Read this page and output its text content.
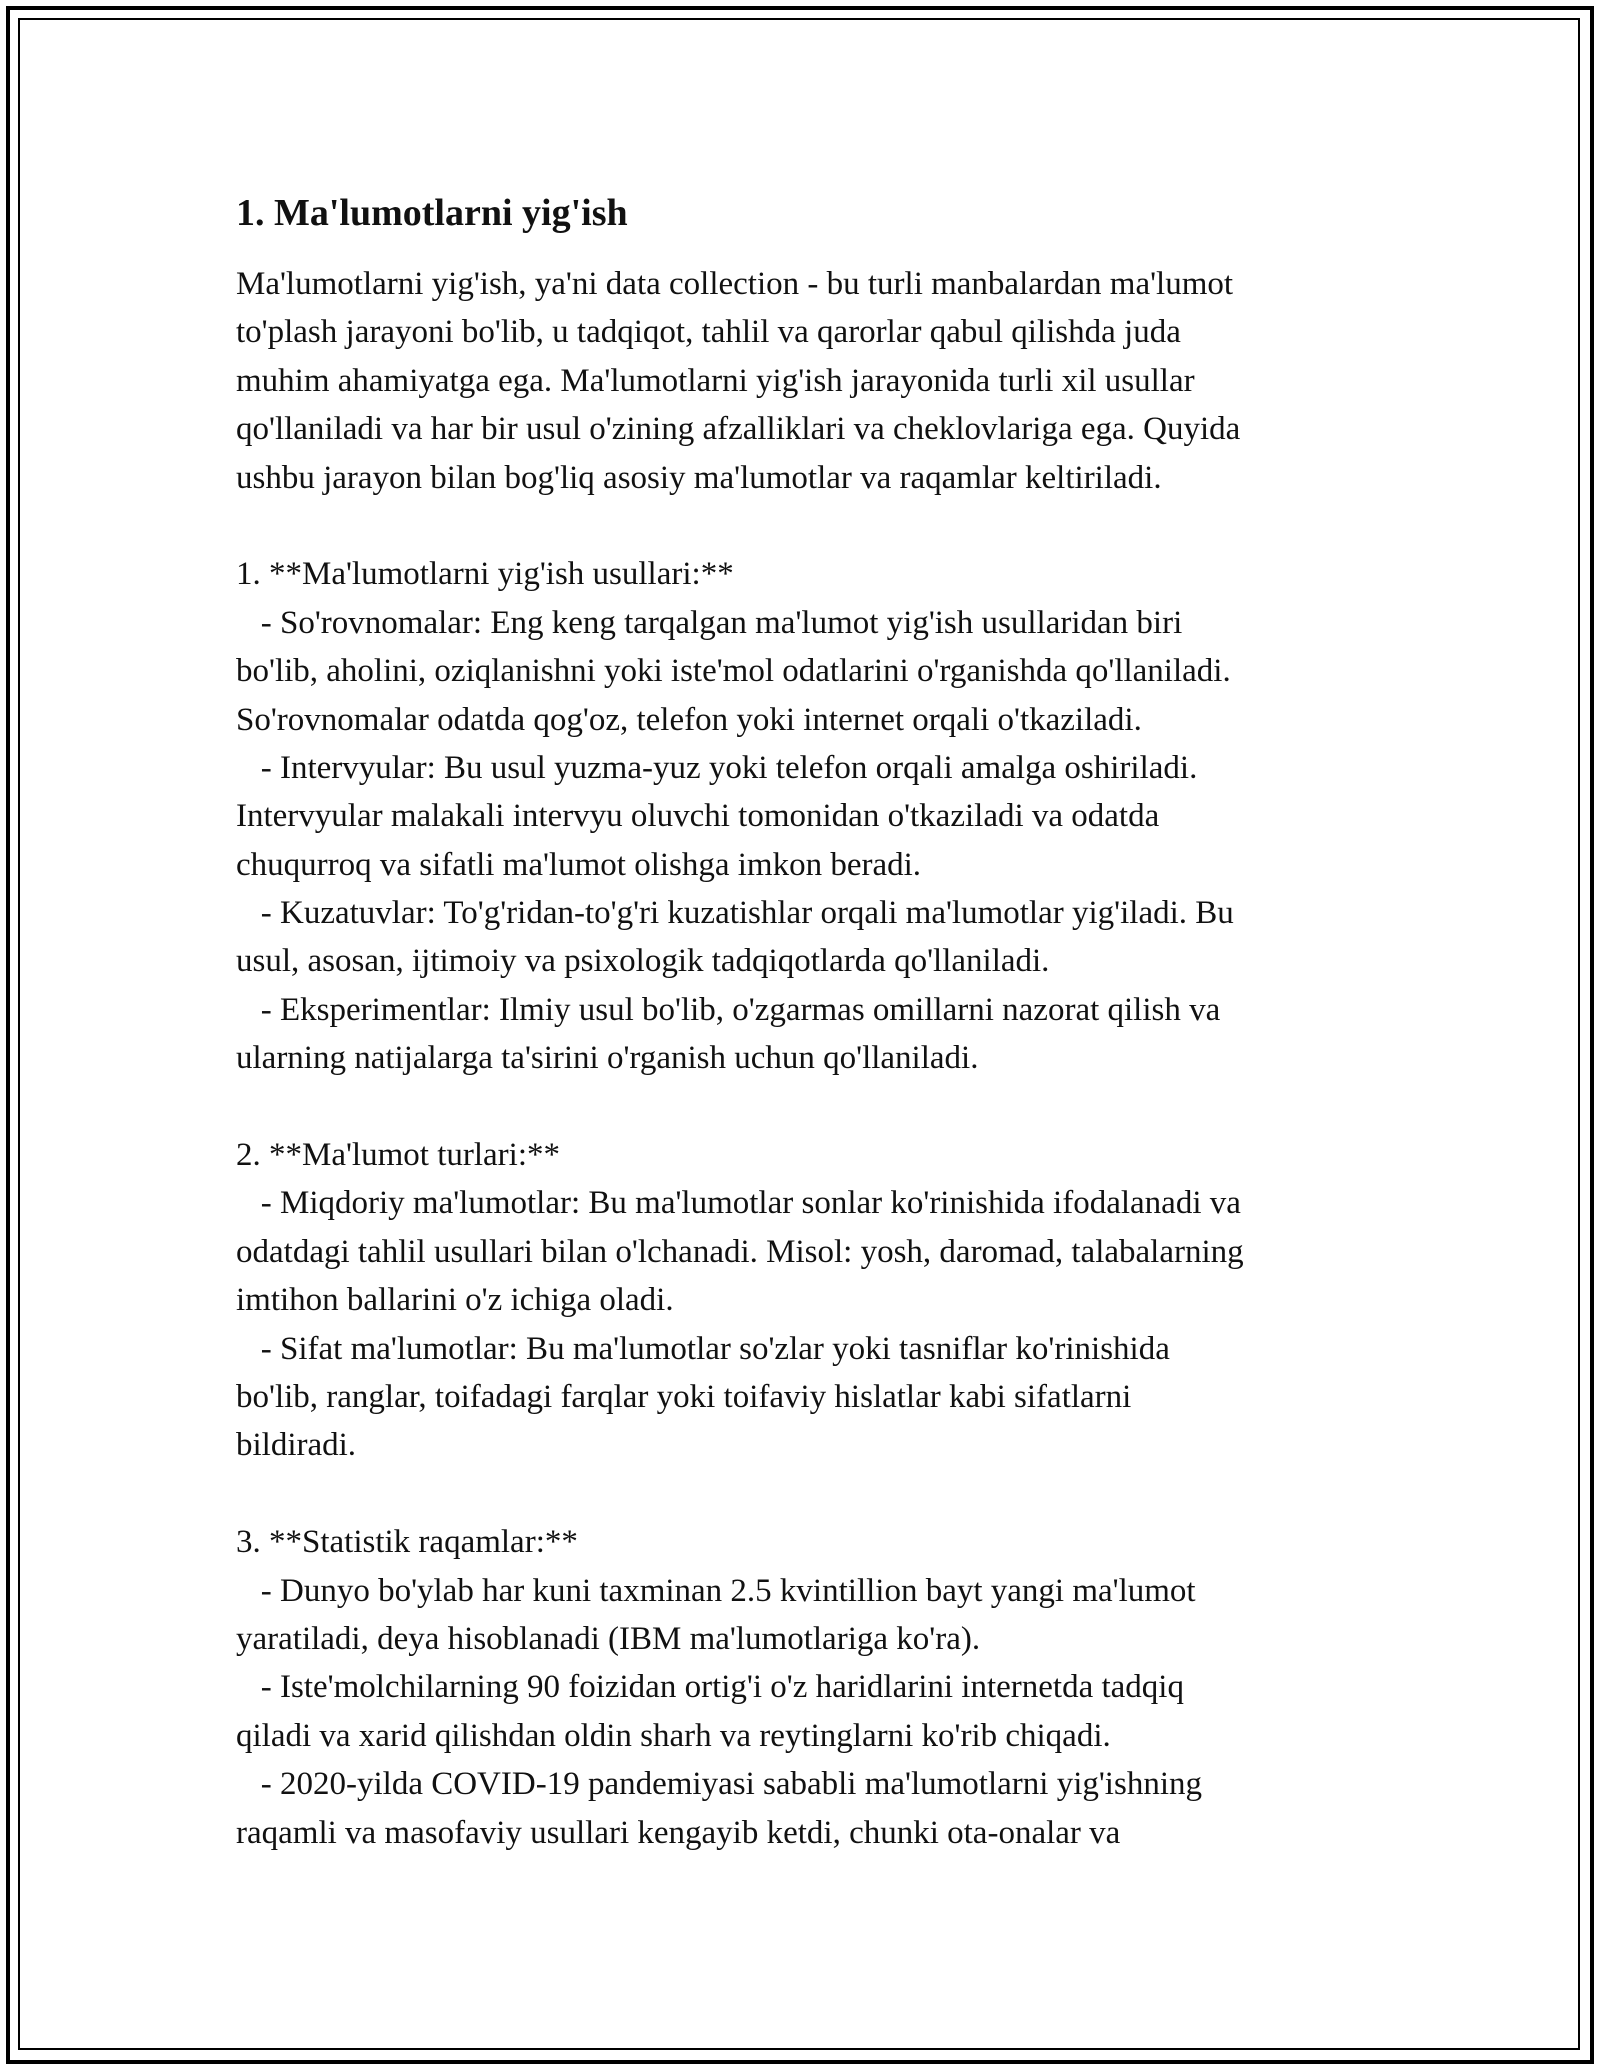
1. Ma'lumotlarni yig'ish

Ma'lumotlarni yig'ish, ya'ni data collection - bu turli manbalardan ma'lumot

to'plash jarayoni bo'lib, u tadqiqot, tahlil va qarorlar qabul qilishda juda

muhim ahamiyatga ega. Ma'lumotlarni yig'ish jarayonida turli xil usullar

qo'llaniladi va har bir usul o'zining afzalliklari va cheklovlariga ega. Quyida

ushbu jarayon bilan bog'liq asosiy ma'lumotlar va raqamlar keltiriladi.

1. **Ma'lumotlarni yig'ish usullari:**

- So'rovnomalar: Eng keng tarqalgan ma'lumot yig'ish usullaridan biri

bo'lib, aholini, oziqlanishni yoki iste'mol odatlarini o'rganishda qo'llaniladi.

So'rovnomalar odatda qog'oz, telefon yoki internet orqali o'tkaziladi.

- Intervyular: Bu usul yuzma-yuz yoki telefon orqali amalga oshiriladi.

Intervyular malakali intervyu oluvchi tomonidan o'tkaziladi va odatda

chuqurroq va sifatli ma'lumot olishga imkon beradi.

- Kuzatuvlar: To'g'ridan-to'g'ri kuzatishlar orqali ma'lumotlar yig'iladi. Bu

usul, asosan, ijtimoiy va psixologik tadqiqotlarda qo'llaniladi.

- Eksperimentlar: Ilmiy usul bo'lib, o'zgarmas omillarni nazorat qilish va

ularning natijalarga ta'sirini o'rganish uchun qo'llaniladi.

2. **Ma'lumot turlari:**

- Miqdoriy ma'lumotlar: Bu ma'lumotlar sonlar ko'rinishida ifodalanadi va

odatdagi tahlil usullari bilan o'lchanadi. Misol: yosh, daromad, talabalarning

imtihon ballarini o'z ichiga oladi.

- Sifat ma'lumotlar: Bu ma'lumotlar so'zlar yoki tasniflar ko'rinishida

bo'lib, ranglar, toifadagi farqlar yoki toifaviy hislatlar kabi sifatlarni

bildiradi.

3. **Statistik raqamlar:**

- Dunyo bo'ylab har kuni taxminan 2.5 kvintillion bayt yangi ma'lumot

yaratiladi, deya hisoblanadi (IBM ma'lumotlariga ko'ra).

- Iste'molchilarning 90 foizidan ortig'i o'z haridlarini internetda tadqiq

qiladi va xarid qilishdan oldin sharh va reytinglarni ko'rib chiqadi.

- 2020-yilda COVID-19 pandemiyasi sababli ma'lumotlarni yig'ishning

raqamli va masofaviy usullari kengayib ketdi, chunki ota-onalar va
